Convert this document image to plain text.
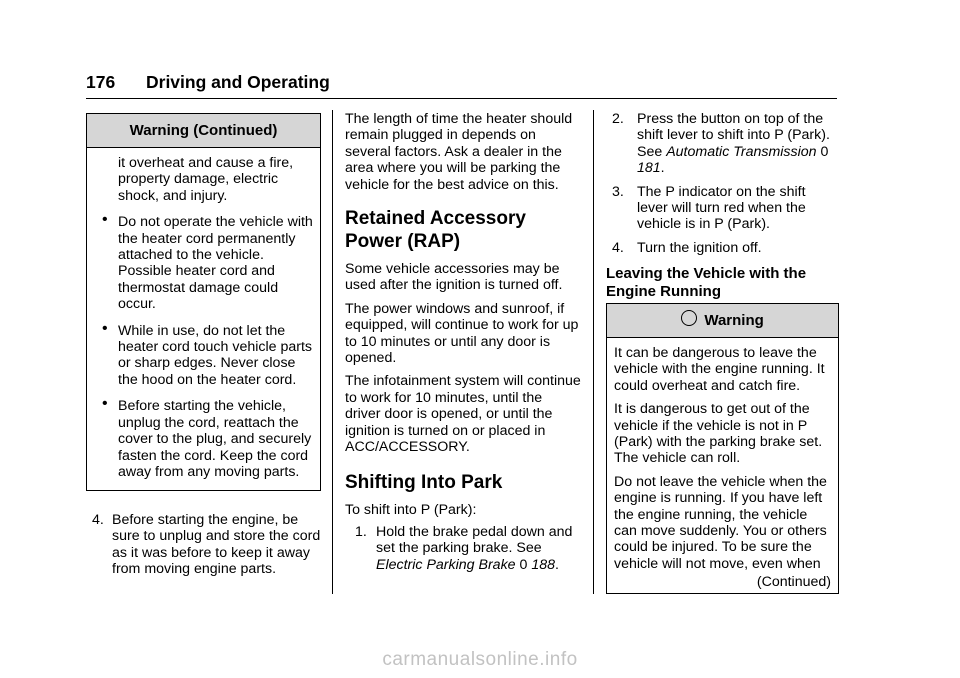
176 Driving and Operating
Warning (Continued)

it overheat and cause a fire, property damage, electric shock, and injury.

• Do not operate the vehicle with the heater cord permanently attached to the vehicle. Possible heater cord and thermostat damage could occur.

• While in use, do not let the heater cord touch vehicle parts or sharp edges. Never close the hood on the heater cord.

• Before starting the vehicle, unplug the cord, reattach the cover to the plug, and securely fasten the cord. Keep the cord away from any moving parts.

4. Before starting the engine, be sure to unplug and store the cord as it was before to keep it away from moving engine parts.

The length of time the heater should remain plugged in depends on several factors. Ask a dealer in the area where you will be parking the vehicle for the best advice on this.

Retained Accessory Power (RAP)

Some vehicle accessories may be used after the ignition is turned off.

The power windows and sunroof, if equipped, will continue to work for up to 10 minutes or until any door is opened.

The infotainment system will continue to work for 10 minutes, until the driver door is opened, or until the ignition is turned on or placed in ACC/ACCESSORY.

Shifting Into Park

To shift into P (Park):

1. Hold the brake pedal down and set the parking brake. See Electric Parking Brake 0 188.

2. Press the button on top of the shift lever to shift into P (Park). See Automatic Transmission 0 181.

3. The P indicator on the shift lever will turn red when the vehicle is in P (Park).

4. Turn the ignition off.

Leaving the Vehicle with the Engine Running
Warning

It can be dangerous to leave the vehicle with the engine running. It could overheat and catch fire.

It is dangerous to get out of the vehicle if the vehicle is not in P (Park) with the parking brake set. The vehicle can roll.

Do not leave the vehicle when the engine is running. If you have left the engine running, the vehicle can move suddenly. You or others could be injured. To be sure the vehicle will not move, even when

(Continued)

carmanualsonline.info
